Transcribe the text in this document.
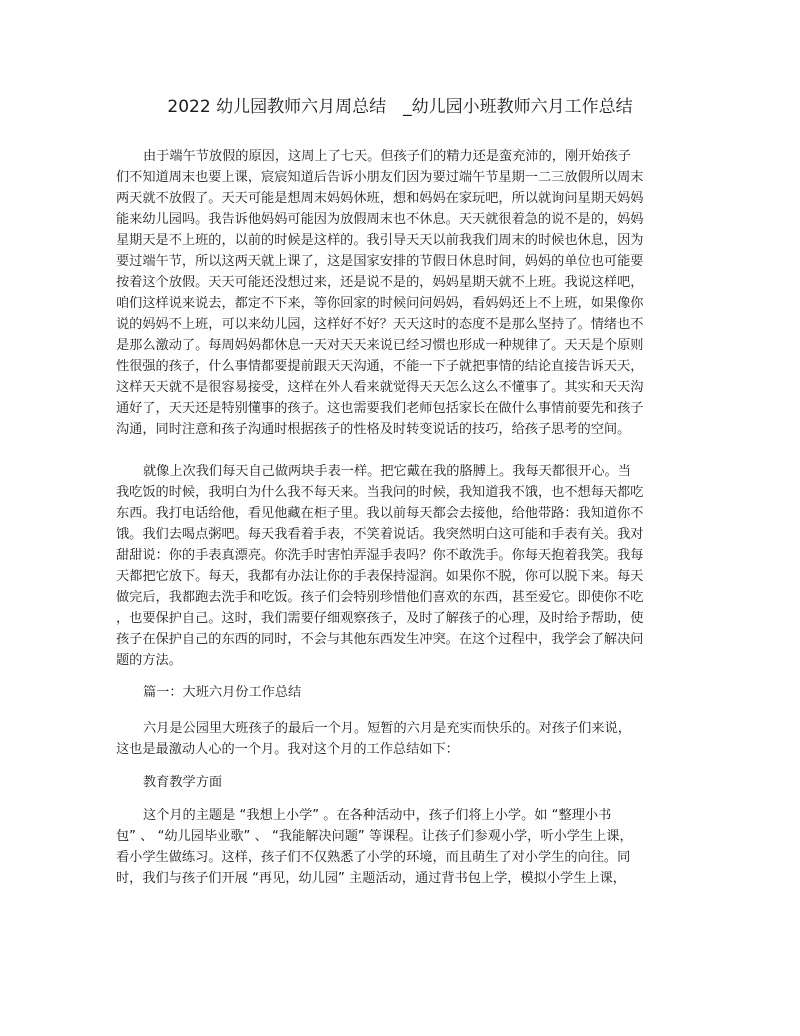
2022 幼儿园教师六月周总结　_幼儿园小班教师六月工作总结

由于端午节放假的原因，这周上了七天。但孩子们的精力还是蛮充沛的，刚开始孩子

们不知道周末也要上课，宸宸知道后告诉小朋友们因为要过端午节星期一二三放假所以周末

两天就不放假了。天天可能是想周末妈妈休班，想和妈妈在家玩吧，所以就询问星期天妈妈

能来幼儿园吗。我告诉他妈妈可能因为放假周末也不休息。天天就很着急的说不是的，妈妈

星期天是不上班的，以前的时候是这样的。我引导天天以前我我们周末的时候也休息，因为

要过端午节，所以这两天就上课了，这是国家安排的节假日休息时间，妈妈的单位也可能要

按着这个放假。天天可能还没想过来，还是说不是的，妈妈星期天就不上班。我说这样吧，

咱们这样说来说去，都定不下来，等你回家的时候问问妈妈，看妈妈还上不上班，如果像你

说的妈妈不上班，可以来幼儿园，这样好不好？天天这时的态度不是那么坚持了。情绪也不

是那么激动了。每周妈妈都休息一天对天天来说已经习惯也形成一种规律了。天天是个原则

性很强的孩子，什么事情都要提前跟天天沟通，不能一下子就把事情的结论直接告诉天天，

这样天天就不是很容易接受，这样在外人看来就觉得天天怎么这么不懂事了。其实和天天沟

通好了，天天还是特别懂事的孩子。这也需要我们老师包括家长在做什么事情前要先和孩子

沟通，同时注意和孩子沟通时根据孩子的性格及时转变说话的技巧，给孩子思考的空间。

就像上次我们每天自己做两块手表一样。把它戴在我的胳膊上。我每天都很开心。当

我吃饭的时候，我明白为什么我不每天来。当我问的时候，我知道我不饿，也不想每天都吃

东西。我打电话给他，看见他藏在柜子里。我以前每天都会去接他，给他带路：我知道你不

饿。我们去喝点粥吧。每天我看着手表，不笑着说话。我突然明白这可能和手表有关。我对

甜甜说：你的手表真漂亮。你洗手时害怕弄湿手表吗？你不敢洗手。你每天抱着我笑。我每

天都把它放下。每天，我都有办法让你的手表保持湿润。如果你不脱，你可以脱下来。每天

做完后，我都跑去洗手和吃饭。孩子们会特别珍惜他们喜欢的东西，甚至爱它。即使你不吃

，也要保护自己。这时，我们需要仔细观察孩子，及时了解孩子的心理，及时给予帮助，使

孩子在保护自己的东西的同时，不会与其他东西发生冲突。在这个过程中，我学会了解决问

题的方法。

篇一：大班六月份工作总结

六月是公园里大班孩子的最后一个月。短暂的六月是充实而快乐的。对孩子们来说，

这也是最激动人心的一个月。我对这个月的工作总结如下：

教育教学方面

这个月的主题是 “我想上小学” 。在各种活动中，孩子们将上小学。如 “整理小书

包” 、 “幼儿园毕业歌” 、 “我能解决问题” 等课程。让孩子们参观小学，听小学生上课，

看小学生做练习。这样，孩子们不仅熟悉了小学的环境，而且萌生了对小学生的向往。同

时，我们与孩子们开展 “再见，幼儿园” 主题活动，通过背书包上学，模拟小学生上课，
